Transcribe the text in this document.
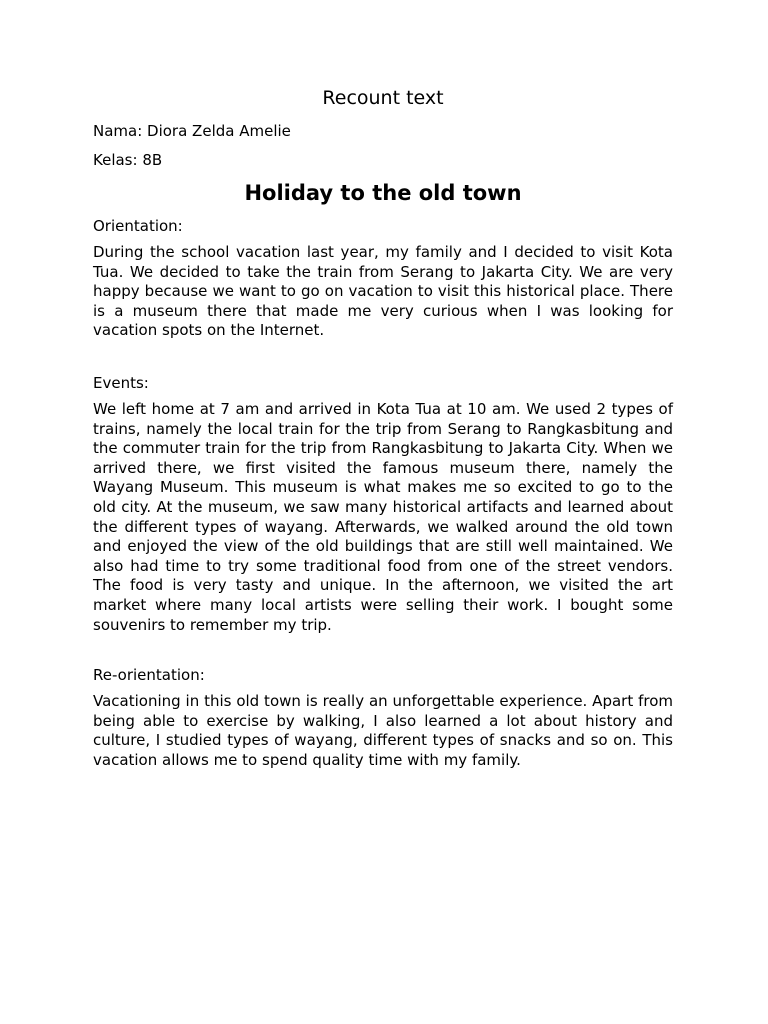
Recount text
Nama: Diora Zelda Amelie
Kelas: 8B
Holiday to the old town
Orientation:

During the school vacation last year, my family and I decided to visit Kota Tua. We decided to take the train from Serang to Jakarta City. We are very happy because we want to go on vacation to visit this historical place. There is a museum there that made me very curious when I was looking for vacation spots on the Internet.

Events:

We left home at 7 am and arrived in Kota Tua at 10 am. We used 2 types of trains, namely the local train for the trip from Serang to Rangkasbitung and the commuter train for the trip from Rangkasbitung to Jakarta City. When we arrived there, we first visited the famous museum there, namely the Wayang Museum. This museum is what makes me so excited to go to the old city. At the museum, we saw many historical artifacts and learned about the different types of wayang. Afterwards, we walked around the old town and enjoyed the view of the old buildings that are still well maintained. We also had time to try some traditional food from one of the street vendors. The food is very tasty and unique. In the afternoon, we visited the art market where many local artists were selling their work. I bought some souvenirs to remember my trip.

Re-orientation:

Vacationing in this old town is really an unforgettable experience. Apart from being able to exercise by walking, I also learned a lot about history and culture, I studied types of wayang, different types of snacks and so on. This vacation allows me to spend quality time with my family.
